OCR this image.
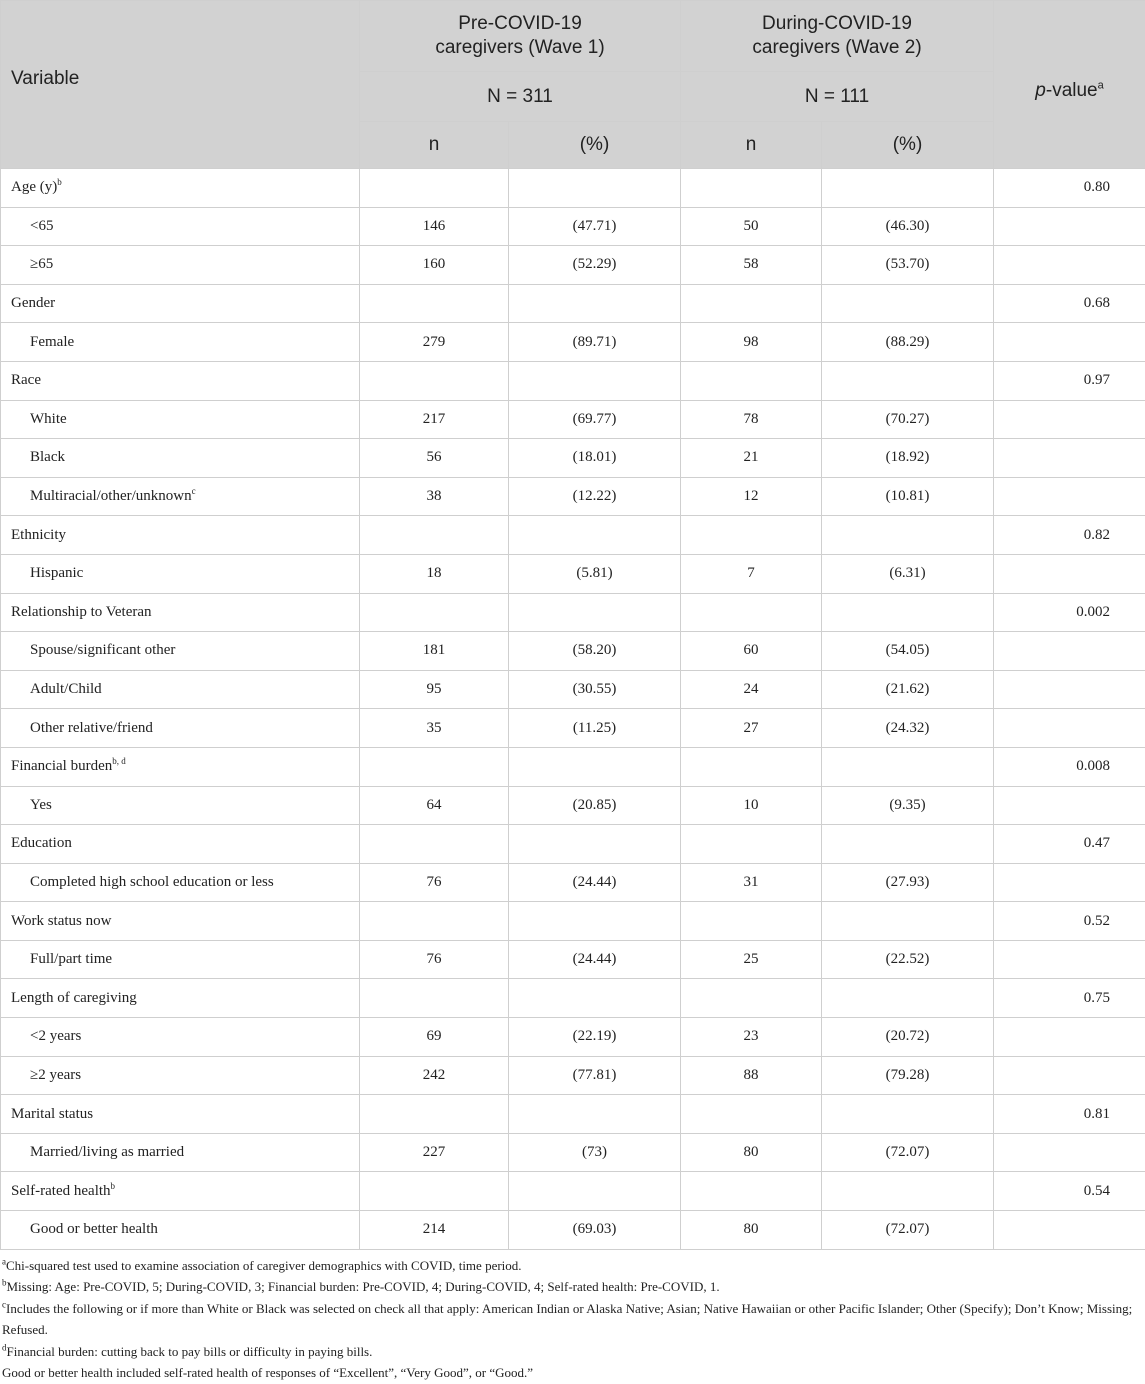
Variable	Pre-COVID-19
caregivers (Wave 1)		During-COVID-19
caregivers (Wave 2)		p-value$^a$
	N = 311		N = 111		
	n	(%)	n	(%)	
Age $(y)^b$					0.80
<65	146	(47.71)	50	(46.30)	
≥65	160	(52.29)	58	(53.70)	
Gender					0.68
Female	279	(89.71)	98	(88.29)	
Race					0.97
White	217	(69.77)	78	(70.27)	
Black	56	(18.01)	21	(18.92)	
Multiracial/other/unknown$^c$	38	(12.22)	12	(10.81)	
Ethnicity					0.82
Hispanic	18	(5.81)	7	(6.31)	
Relationship to Veteran					0.002
Spouse/significant other	181	(58.20)	60	(54.05)	
Adult/Child	95	(30.55)	24	(21.62)	
Other relative/friend	35	(11.25)	27	(24.32)	
Financial burden$^{b, d}$					0.008
Yes	64	(20.85)	10	(9.35)	
Education					0.47
Completed high school education or less	76	(24.44)	31	(27.93)	
Work status now					0.52
Full/part time	76	(24.44)	25	(22.52)	
Length of caregiving					0.75
<2 years	69	(22.19)	23	(20.72)	
≥2 years	242	(77.81)	88	(79.28)	
Marital status					0.81
Married/living as married	227	(73)	80	(72.07)	
Self-rated health$^b$					0.54
Good or better health	214	(69.03)	80	(72.07)	

$^a$Chi-squared test used to examine association of caregiver demographics with COVID, time period.

$^b$Missing: Age: Pre-COVID, 5; During-COVID, 3; Financial burden: Pre-COVID, 4; During-COVID, 4; Self-rated health: Pre-COVID, 1.

$^c$Includes the following or if more than White or Black was selected on check all that apply: American Indian or Alaska Native; Asian; Native Hawaiian or other Pacific Islander; Other (Specify); Don’t Know; Missing; Refused.

$^d$Financial burden: cutting back to pay bills or difficulty in paying bills.

Good or better health included self-rated health of responses of “Excellent”, “Very Good”, or “Good.”
